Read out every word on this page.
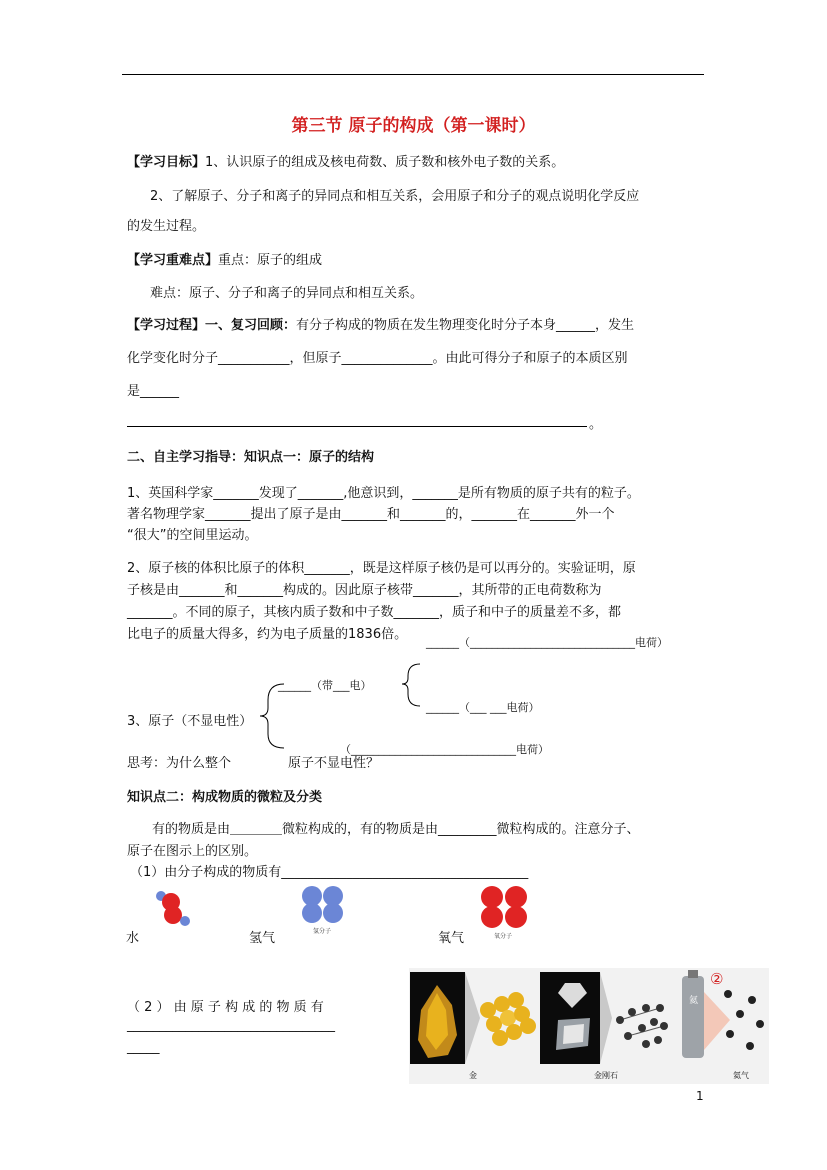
第三节 原子的构成（第一课时）
【学习目标】1、认识原子的组成及核电荷数、质子数和核外电子数的关系。
2、了解原子、分子和离子的异同点和相互关系，会用原子和分子的观点说明化学反应
的发生过程。
【学习重难点】重点：原子的组成
难点：原子、分子和离子的异同点和相互关系。
【学习过程】一、复习回顾：有分子构成的物质在发生物理变化时分子本身______，发生
化学变化时分子___________，但原子______________。由此可得分子和原子的本质区别
是______
。
二、自主学习指导：知识点一：原子的结构
1、英国科学家_______发现了_______,他意识到，_______是所有物质的原子共有的粒子。
著名物理学家_______提出了原子是由_______和_______的，_______在_______外一个
“很大”的空间里运动。
2、原子核的体积比原子的体积_______，既是这样原子核仍是可以再分的。实验证明，原
子核是由_______和_______构成的。因此原子核带_______，其所带的正电荷数称为
_______。不同的原子，其核内质子数和中子数_______，质子和中子的质量差不多，都
比电子的质量大得多，约为电子质量的1836倍。
______（______________________________电荷）
______（带___电）
______（___ ___电荷）
3、原子（不显电性）
（______________________________电荷）
思考：为什么整个	原子不显电性？
知识点二：构成物质的微粒及分类
有的物质是由＿＿＿＿微粒构成的，有的物质是由_________微粒构成的。注意分子、
原子在图示上的区别。
（1）由分子构成的物质有______________________________________
水	氢气	氧气
氢分子
氧分子
（ 2 ） 由 原 子 构 成 的 物 质 有
________________________________
_____
氦
②
金	金刚石	氦气
1
